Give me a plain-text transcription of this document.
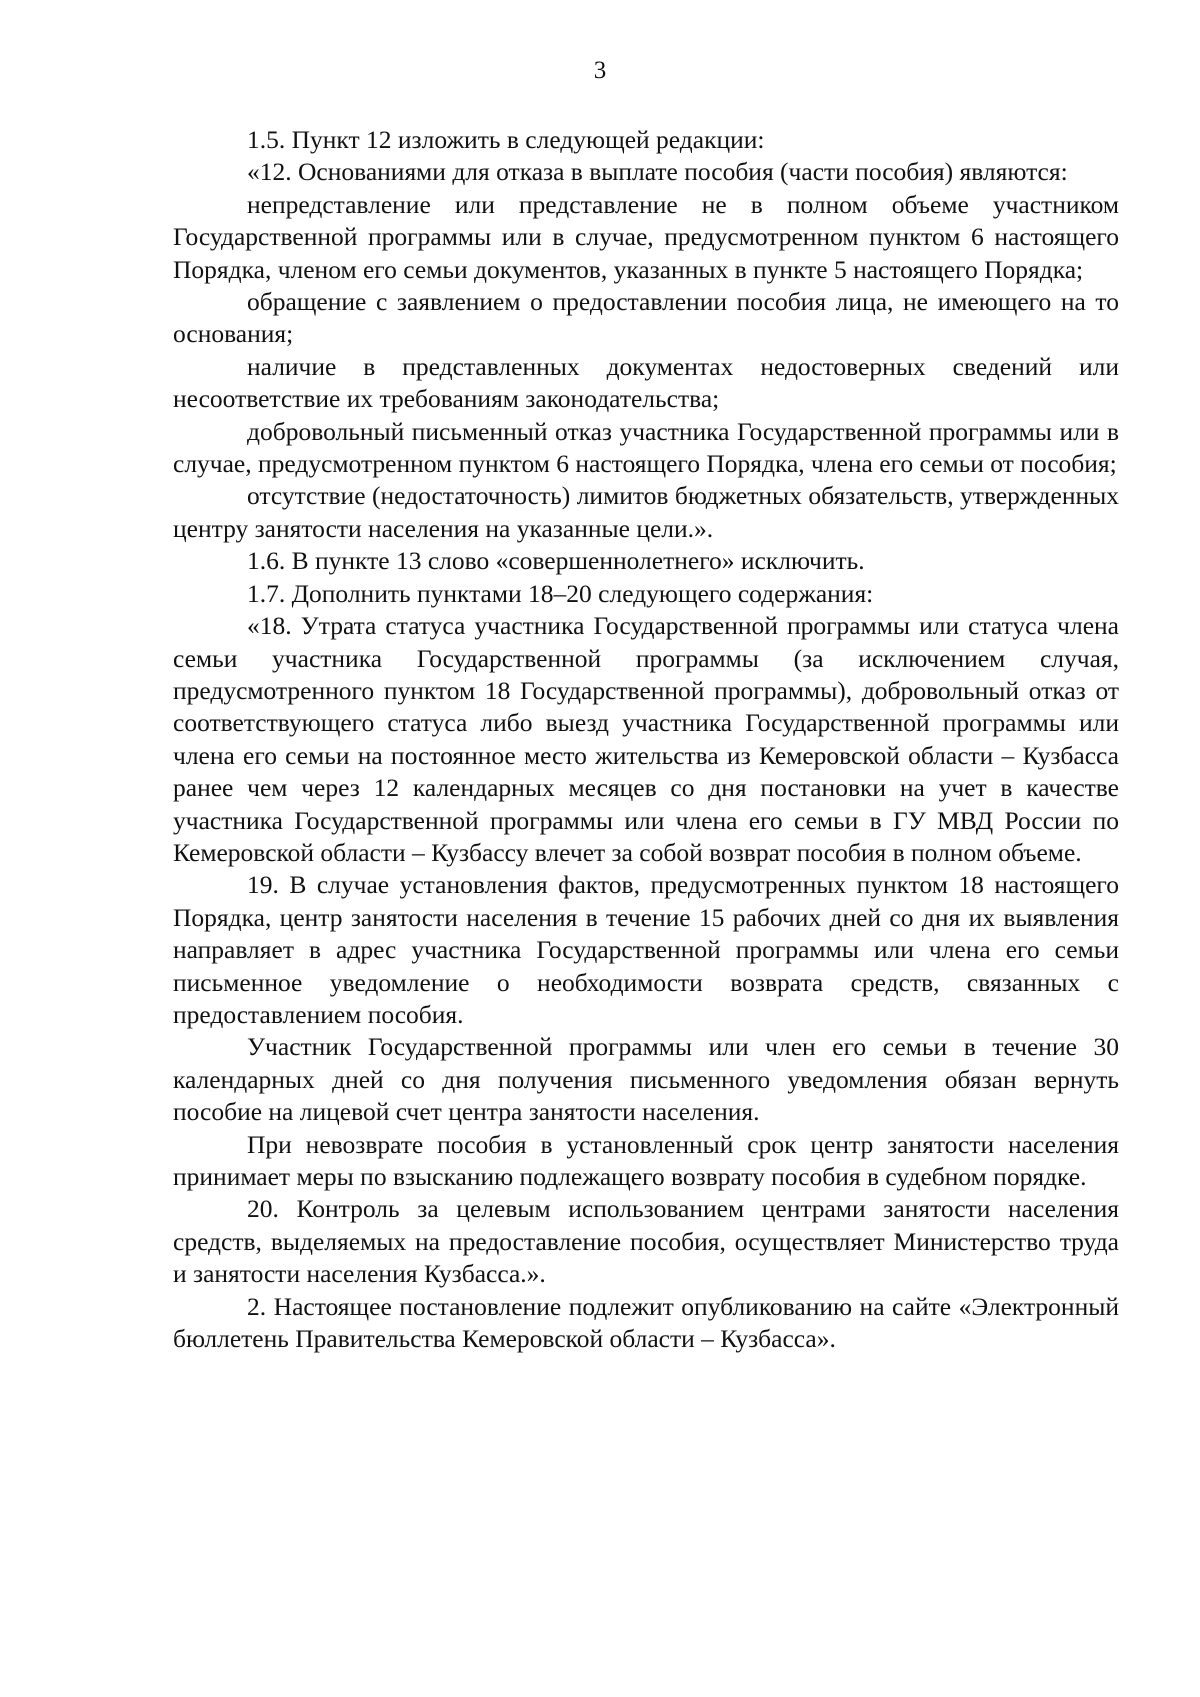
3

1.5. Пункт 12 изложить в следующей редакции:

«12. Основаниями для отказа в выплате пособия (части пособия) являются:

непредставление или представление не в полном объеме участником Государственной программы или в случае, предусмотренном пунктом 6 настоящего Порядка, членом его семьи документов, указанных в пункте 5 настоящего Порядка;

обращение с заявлением о предоставлении пособия лица, не имеющего на то основания;

наличие в представленных документах недостоверных сведений или несоответствие их требованиям законодательства;

добровольный письменный отказ участника Государственной программы или в случае, предусмотренном пунктом 6 настоящего Порядка, члена его семьи от пособия;

отсутствие (недостаточность) лимитов бюджетных обязательств, утвержденных центру занятости населения на указанные цели.».

1.6. В пункте 13 слово «совершеннолетнего» исключить.

1.7. Дополнить пунктами 18–20 следующего содержания:

«18. Утрата статуса участника Государственной программы или статуса члена семьи участника Государственной программы (за исключением случая, предусмотренного пунктом 18 Государственной программы), добровольный отказ от соответствующего статуса либо выезд участника Государственной программы или члена его семьи на постоянное место жительства из Кемеровской области – Кузбасса ранее чем через 12 календарных месяцев со дня постановки на учет в качестве участника Государственной программы или члена его семьи в ГУ МВД России по Кемеровской области – Кузбассу влечет за собой возврат пособия в полном объеме.

19. В случае установления фактов, предусмотренных пунктом 18 настоящего Порядка, центр занятости населения в течение 15 рабочих дней со дня их выявления направляет в адрес участника Государственной программы или члена его семьи письменное уведомление о необходимости возврата средств, связанных с предоставлением пособия.

Участник Государственной программы или член его семьи в течение 30 календарных дней со дня получения письменного уведомления обязан вернуть пособие на лицевой счет центра занятости населения.

При невозврате пособия в установленный срок центр занятости населения принимает меры по взысканию подлежащего возврату пособия в судебном порядке.

20. Контроль за целевым использованием центрами занятости населения средств, выделяемых на предоставление пособия, осуществляет Министерство труда и занятости населения Кузбасса.».

2. Настоящее постановление подлежит опубликованию на сайте «Электронный бюллетень Правительства Кемеровской области – Кузбасса».
